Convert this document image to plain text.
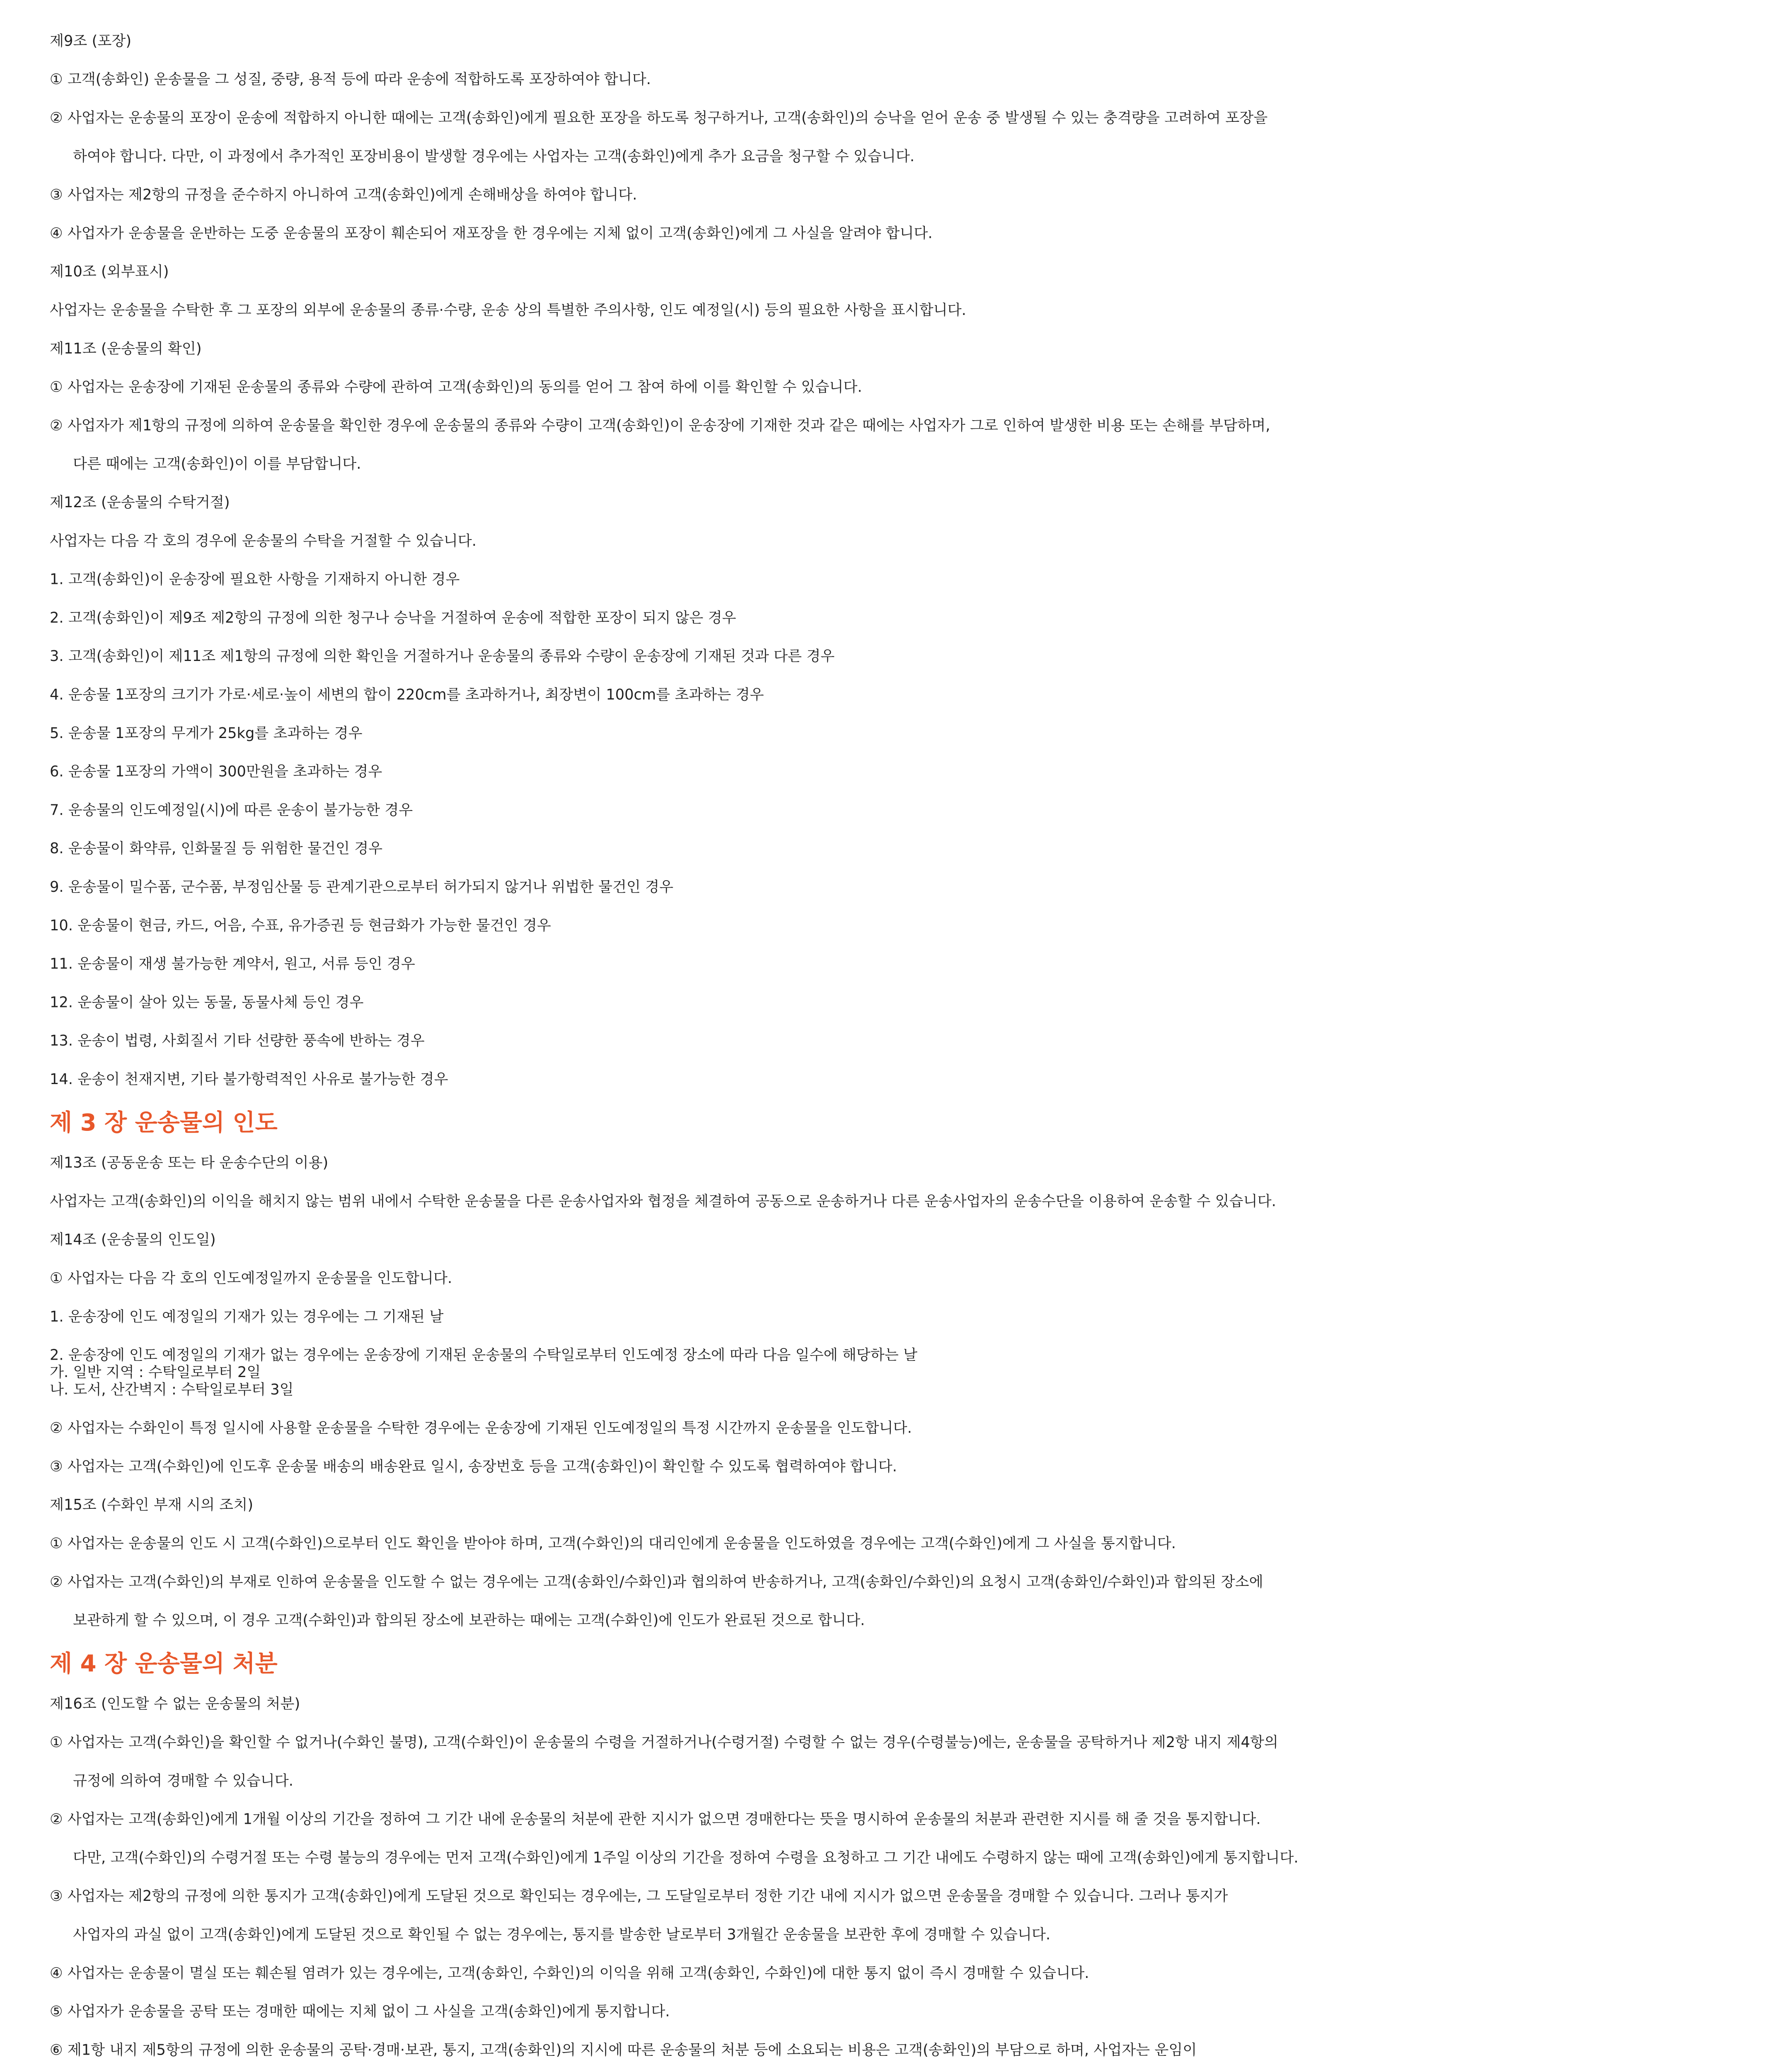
제9조 (포장)
① 고객(송화인) 운송물을 그 성질, 중량, 용적 등에 따라 운송에 적합하도록 포장하여야 합니다.
② 사업자는 운송물의 포장이 운송에 적합하지 아니한 때에는 고객(송화인)에게 필요한 포장을 하도록 청구하거나, 고객(송화인)의 승낙을 얻어 운송 중 발생될 수 있는 충격량을 고려하여 포장을
하여야 합니다. 다만, 이 과정에서 추가적인 포장비용이 발생할 경우에는 사업자는 고객(송화인)에게 추가 요금을 청구할 수 있습니다.
③ 사업자는 제2항의 규정을 준수하지 아니하여 고객(송화인)에게 손해배상을 하여야 합니다.
④ 사업자가 운송물을 운반하는 도중 운송물의 포장이 훼손되어 재포장을 한 경우에는 지체 없이 고객(송화인)에게 그 사실을 알려야 합니다.
제10조 (외부표시)
사업자는 운송물을 수탁한 후 그 포장의 외부에 운송물의 종류·수량, 운송 상의 특별한 주의사항, 인도 예정일(시) 등의 필요한 사항을 표시합니다.
제11조 (운송물의 확인)
① 사업자는 운송장에 기재된 운송물의 종류와 수량에 관하여 고객(송화인)의 동의를 얻어 그 참여 하에 이를 확인할 수 있습니다.
② 사업자가 제1항의 규정에 의하여 운송물을 확인한 경우에 운송물의 종류와 수량이 고객(송화인)이 운송장에 기재한 것과 같은 때에는 사업자가 그로 인하여 발생한 비용 또는 손해를 부담하며,
다른 때에는 고객(송화인)이 이를 부담합니다.
제12조 (운송물의 수탁거절)
사업자는 다음 각 호의 경우에 운송물의 수탁을 거절할 수 있습니다.
1. 고객(송화인)이 운송장에 필요한 사항을 기재하지 아니한 경우
2. 고객(송화인)이 제9조 제2항의 규정에 의한 청구나 승낙을 거절하여 운송에 적합한 포장이 되지 않은 경우
3. 고객(송화인)이 제11조 제1항의 규정에 의한 확인을 거절하거나 운송물의 종류와 수량이 운송장에 기재된 것과 다른 경우
4. 운송물 1포장의 크기가 가로·세로·높이 세변의 합이 220cm를 초과하거나, 최장변이 100cm를 초과하는 경우
5. 운송물 1포장의 무게가 25kg를 초과하는 경우
6. 운송물 1포장의 가액이 300만원을 초과하는 경우
7. 운송물의 인도예정일(시)에 따른 운송이 불가능한 경우
8. 운송물이 화약류, 인화물질 등 위험한 물건인 경우
9. 운송물이 밀수품, 군수품, 부정임산물 등 관계기관으로부터 허가되지 않거나 위법한 물건인 경우
10. 운송물이 현금, 카드, 어음, 수표, 유가증권 등 현금화가 가능한 물건인 경우
11. 운송물이 재생 불가능한 계약서, 원고, 서류 등인 경우
12. 운송물이 살아 있는 동물, 동물사체 등인 경우
13. 운송이 법령, 사회질서 기타 선량한 풍속에 반하는 경우
14. 운송이 천재지변, 기타 불가항력적인 사유로 불가능한 경우
제 3 장 운송물의 인도
제13조 (공동운송 또는 타 운송수단의 이용)
사업자는 고객(송화인)의 이익을 해치지 않는 범위 내에서 수탁한 운송물을 다른 운송사업자와 협정을 체결하여 공동으로 운송하거나 다른 운송사업자의 운송수단을 이용하여 운송할 수 있습니다.
제14조 (운송물의 인도일)
① 사업자는 다음 각 호의 인도예정일까지 운송물을 인도합니다.
1. 운송장에 인도 예정일의 기재가 있는 경우에는 그 기재된 날
2. 운송장에 인도 예정일의 기재가 없는 경우에는 운송장에 기재된 운송물의 수탁일로부터 인도예정 장소에 따라 다음 일수에 해당하는 날
가. 일반 지역 : 수탁일로부터 2일
나. 도서, 산간벽지 : 수탁일로부터 3일
② 사업자는 수화인이 특정 일시에 사용할 운송물을 수탁한 경우에는 운송장에 기재된 인도예정일의 특정 시간까지 운송물을 인도합니다.
③ 사업자는 고객(수화인)에 인도후 운송물 배송의 배송완료 일시, 송장번호 등을 고객(송화인)이 확인할 수 있도록 협력하여야 합니다.
제15조 (수화인 부재 시의 조치)
① 사업자는 운송물의 인도 시 고객(수화인)으로부터 인도 확인을 받아야 하며, 고객(수화인)의 대리인에게 운송물을 인도하였을 경우에는 고객(수화인)에게 그 사실을 통지합니다.
② 사업자는 고객(수화인)의 부재로 인하여 운송물을 인도할 수 없는 경우에는 고객(송화인/수화인)과 협의하여 반송하거나, 고객(송화인/수화인)의 요청시 고객(송화인/수화인)과 합의된 장소에
보관하게 할 수 있으며, 이 경우 고객(수화인)과 합의된 장소에 보관하는 때에는 고객(수화인)에 인도가 완료된 것으로 합니다.
제 4 장 운송물의 처분
제16조 (인도할 수 없는 운송물의 처분)
① 사업자는 고객(수화인)을 확인할 수 없거나(수화인 불명), 고객(수화인)이 운송물의 수령을 거절하거나(수령거절) 수령할 수 없는 경우(수령불능)에는, 운송물을 공탁하거나 제2항 내지 제4항의
규정에 의하여 경매할 수 있습니다.
② 사업자는 고객(송화인)에게 1개월 이상의 기간을 정하여 그 기간 내에 운송물의 처분에 관한 지시가 없으면 경매한다는 뜻을 명시하여 운송물의 처분과 관련한 지시를 해 줄 것을 통지합니다.
다만, 고객(수화인)의 수령거절 또는 수령 불능의 경우에는 먼저 고객(수화인)에게 1주일 이상의 기간을 정하여 수령을 요청하고 그 기간 내에도 수령하지 않는 때에 고객(송화인)에게 통지합니다.
③ 사업자는 제2항의 규정에 의한 통지가 고객(송화인)에게 도달된 것으로 확인되는 경우에는, 그 도달일로부터 정한 기간 내에 지시가 없으면 운송물을 경매할 수 있습니다. 그러나 통지가
사업자의 과실 없이 고객(송화인)에게 도달된 것으로 확인될 수 없는 경우에는, 통지를 발송한 날로부터 3개월간 운송물을 보관한 후에 경매할 수 있습니다.
④ 사업자는 운송물이 멸실 또는 훼손될 염려가 있는 경우에는, 고객(송화인, 수화인)의 이익을 위해 고객(송화인, 수화인)에 대한 통지 없이 즉시 경매할 수 있습니다.
⑤ 사업자가 운송물을 공탁 또는 경매한 때에는 지체 없이 그 사실을 고객(송화인)에게 통지합니다.
⑥ 제1항 내지 제5항의 규정에 의한 운송물의 공탁·경매·보관, 통지, 고객(송화인)의 지시에 따른 운송물의 처분 등에 소요되는 비용은 고객(송화인)의 부담으로 하며, 사업자는 운임이
